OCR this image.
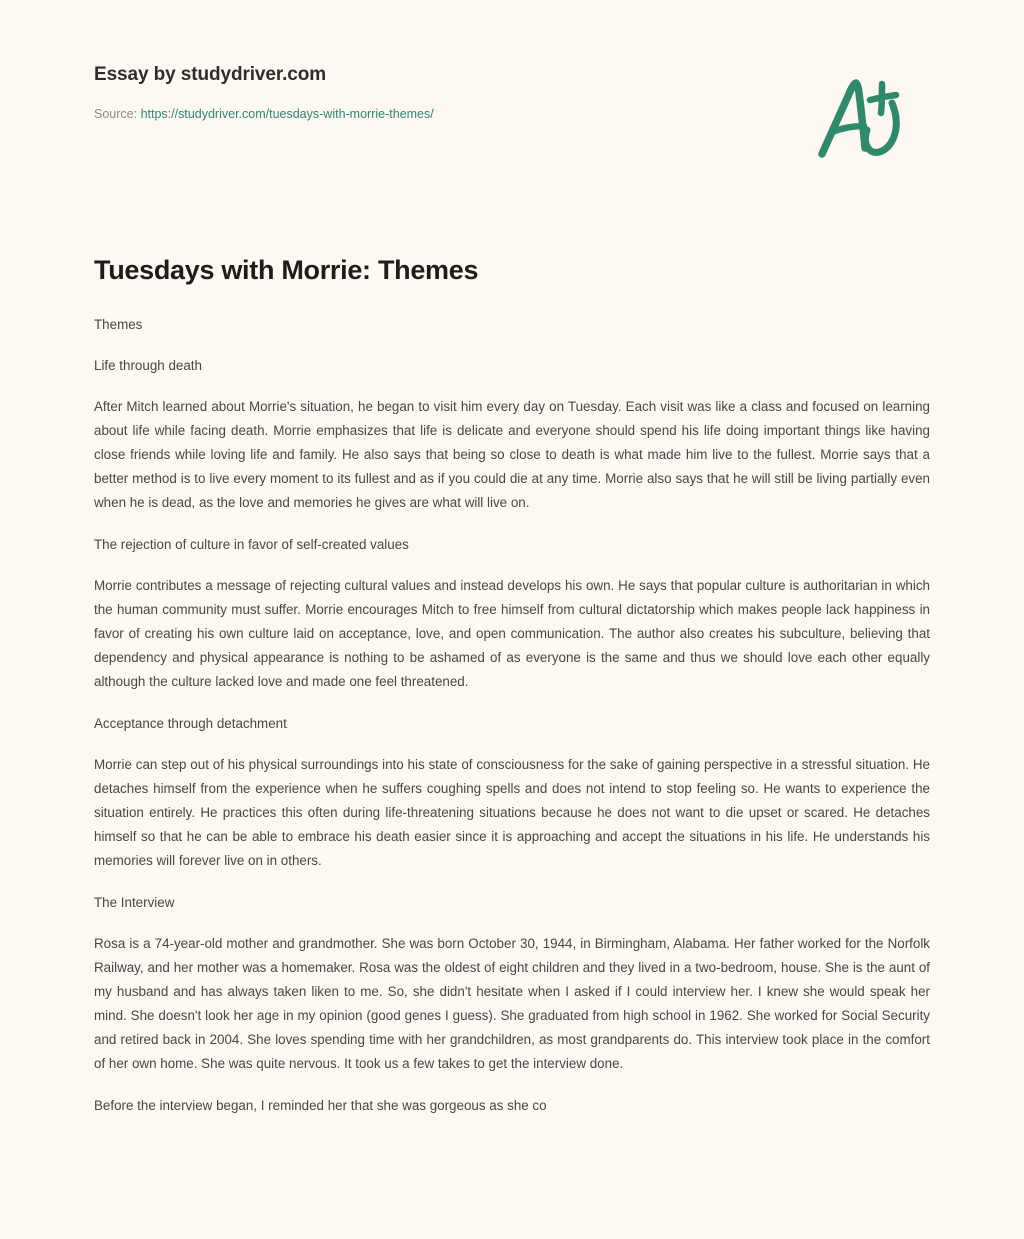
Essay by studydriver.com
Source: https://studydriver.com/tuesdays-with-morrie-themes/
Tuesdays with Morrie: Themes

Themes

Life through death

After Mitch learned about Morrie's situation, he began to visit him every day on Tuesday. Each visit was like a class and focused on learning about life while facing death. Morrie emphasizes that life is delicate and everyone should spend his life doing important things like having close friends while loving life and family. He also says that being so close to death is what made him live to the fullest. Morrie says that a better method is to live every moment to its fullest and as if you could die at any time. Morrie also says that he will still be living partially even when he is dead, as the love and memories he gives are what will live on.

The rejection of culture in favor of self-created values

Morrie contributes a message of rejecting cultural values and instead develops his own. He says that popular culture is authoritarian in which the human community must suffer. Morrie encourages Mitch to free himself from cultural dictatorship which makes people lack happiness in favor of creating his own culture laid on acceptance, love, and open communication. The author also creates his subculture, believing that dependency and physical appearance is nothing to be ashamed of as everyone is the same and thus we should love each other equally although the culture lacked love and made one feel threatened.

Acceptance through detachment

Morrie can step out of his physical surroundings into his state of consciousness for the sake of gaining perspective in a stressful situation. He detaches himself from the experience when he suffers coughing spells and does not intend to stop feeling so. He wants to experience the situation entirely. He practices this often during life-threatening situations because he does not want to die upset or scared. He detaches himself so that he can be able to embrace his death easier since it is approaching and accept the situations in his life. He understands his memories will forever live on in others.

The Interview

Rosa is a 74-year-old mother and grandmother. She was born October 30, 1944, in Birmingham, Alabama. Her father worked for the Norfolk Railway, and her mother was a homemaker. Rosa was the oldest of eight children and they lived in a two-bedroom, house. She is the aunt of my husband and has always taken liken to me. So, she didn't hesitate when I asked if I could interview her. I knew she would speak her mind. She doesn't look her age in my opinion (good genes I guess). She graduated from high school in 1962. She worked for Social Security and retired back in 2004. She loves spending time with her grandchildren, as most grandparents do. This interview took place in the comfort of her own home. She was quite nervous. It took us a few takes to get the interview done.

Before the interview began, I reminded her that she was gorgeous as she co
